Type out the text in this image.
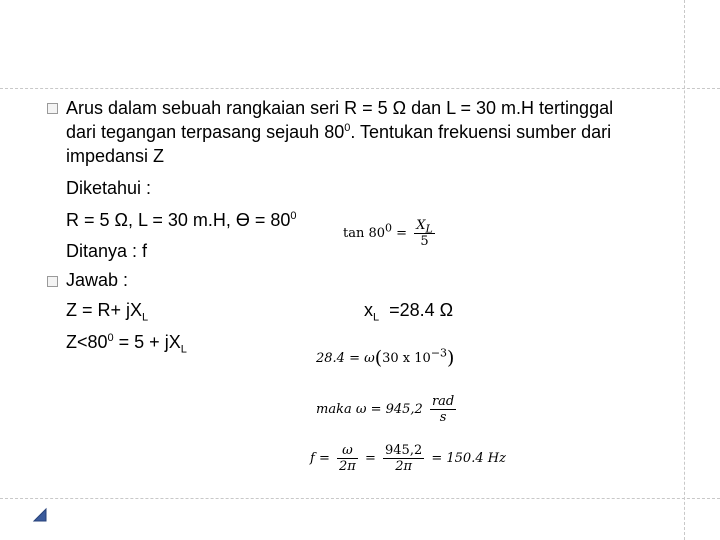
Arus dalam sebuah rangkaian seri R = 5 Ω dan L = 30 m.H tertinggal
dari tegangan terpasang sejauh $80^0$. Tentukan frekuensi sumber dari
impedansi Z
Diketahui :
R = 5 Ω, L = 30 m.H, $ϴ = 80^0$
Ditanya : f
Jawab :
$Z = R+ jX_L$
$Z<80^0 = 5 + jX_L$
$x_L =28.4$ Ω
$\tan 80^0 = \frac{X_L}{5}$
28.4 = ω(30 x $10^{-3}$)
maka $\omega = 945,2 \frac{\text{rad}}{s}$
$f = \frac{\omega}{2\pi} = \frac{945,2}{2\pi} = 150.4$ Hz
